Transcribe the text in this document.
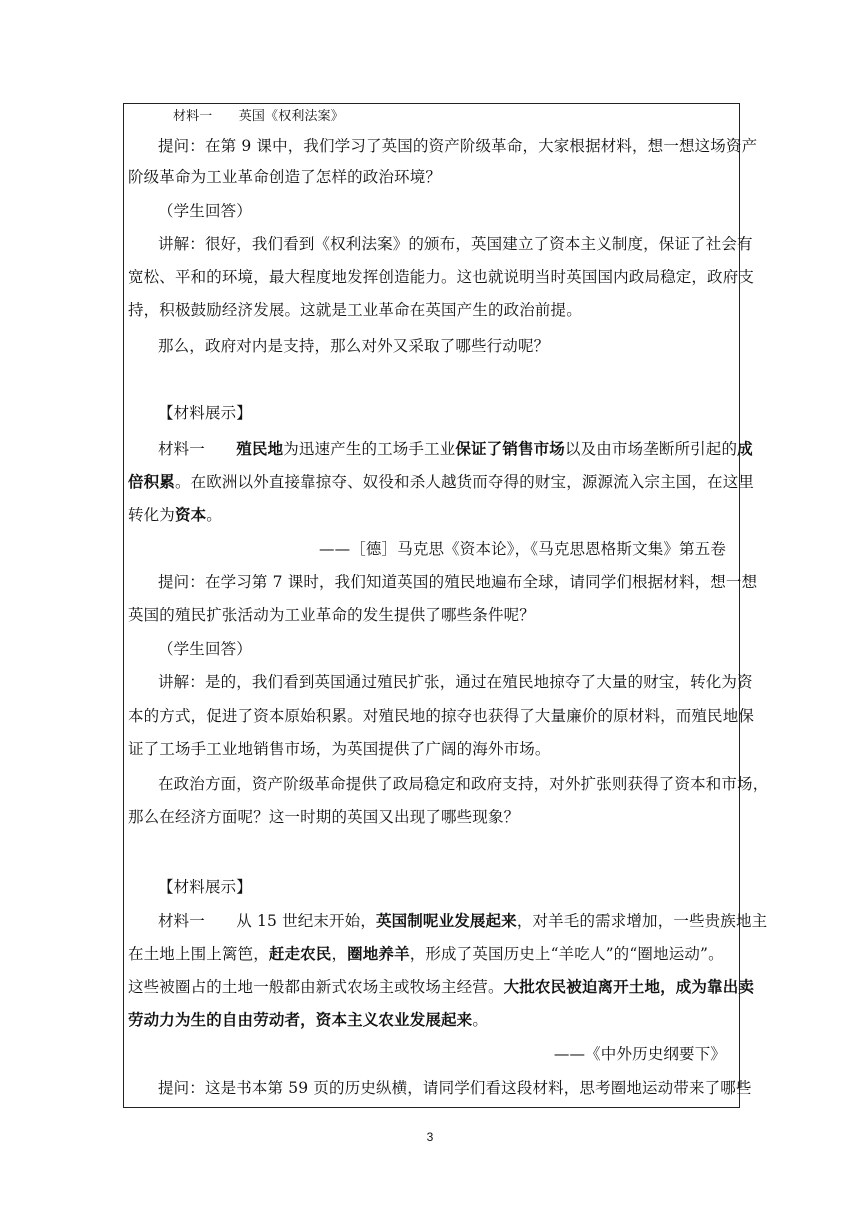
材料一　　英国《权利法案》
提问：在第 9 课中，我们学习了英国的资产阶级革命，大家根据材料，想一想这场资产
阶级革命为工业革命创造了怎样的政治环境？
（学生回答）
讲解：很好，我们看到《权利法案》的颁布，英国建立了资本主义制度，保证了社会有
宽松、平和的环境，最大程度地发挥创造能力。这也就说明当时英国国内政局稳定，政府支
持，积极鼓励经济发展。这就是工业革命在英国产生的政治前提。
那么，政府对内是支持，那么对外又采取了哪些行动呢？
【材料展示】
材料一　　殖民地为迅速产生的工场手工业保证了销售市场以及由市场垄断所引起的成
倍积累。在欧洲以外直接靠掠夺、奴役和杀人越货而夺得的财宝，源源流入宗主国，在这里
转化为资本。
——［德］马克思《资本论》，《马克思恩格斯文集》第五卷
提问：在学习第 7 课时，我们知道英国的殖民地遍布全球，请同学们根据材料，想一想
英国的殖民扩张活动为工业革命的发生提供了哪些条件呢？
（学生回答）
讲解：是的，我们看到英国通过殖民扩张，通过在殖民地掠夺了大量的财宝，转化为资
本的方式，促进了资本原始积累。对殖民地的掠夺也获得了大量廉价的原材料，而殖民地保
证了工场手工业地销售市场，为英国提供了广阔的海外市场。
在政治方面，资产阶级革命提供了政局稳定和政府支持，对外扩张则获得了资本和市场，
那么在经济方面呢？这一时期的英国又出现了哪些现象？
【材料展示】
材料一　　从 15 世纪末开始，英国制呢业发展起来，对羊毛的需求增加，一些贵族地主
在土地上围上篱笆，赶走农民，圈地养羊，形成了英国历史上“羊吃人”的“圈地运动”。
这些被圈占的土地一般都由新式农场主或牧场主经营。大批农民被迫离开土地，成为靠出卖
劳动力为生的自由劳动者，资本主义农业发展起来。
——《中外历史纲要下》
提问：这是书本第 59 页的历史纵横，请同学们看这段材料，思考圈地运动带来了哪些
3
